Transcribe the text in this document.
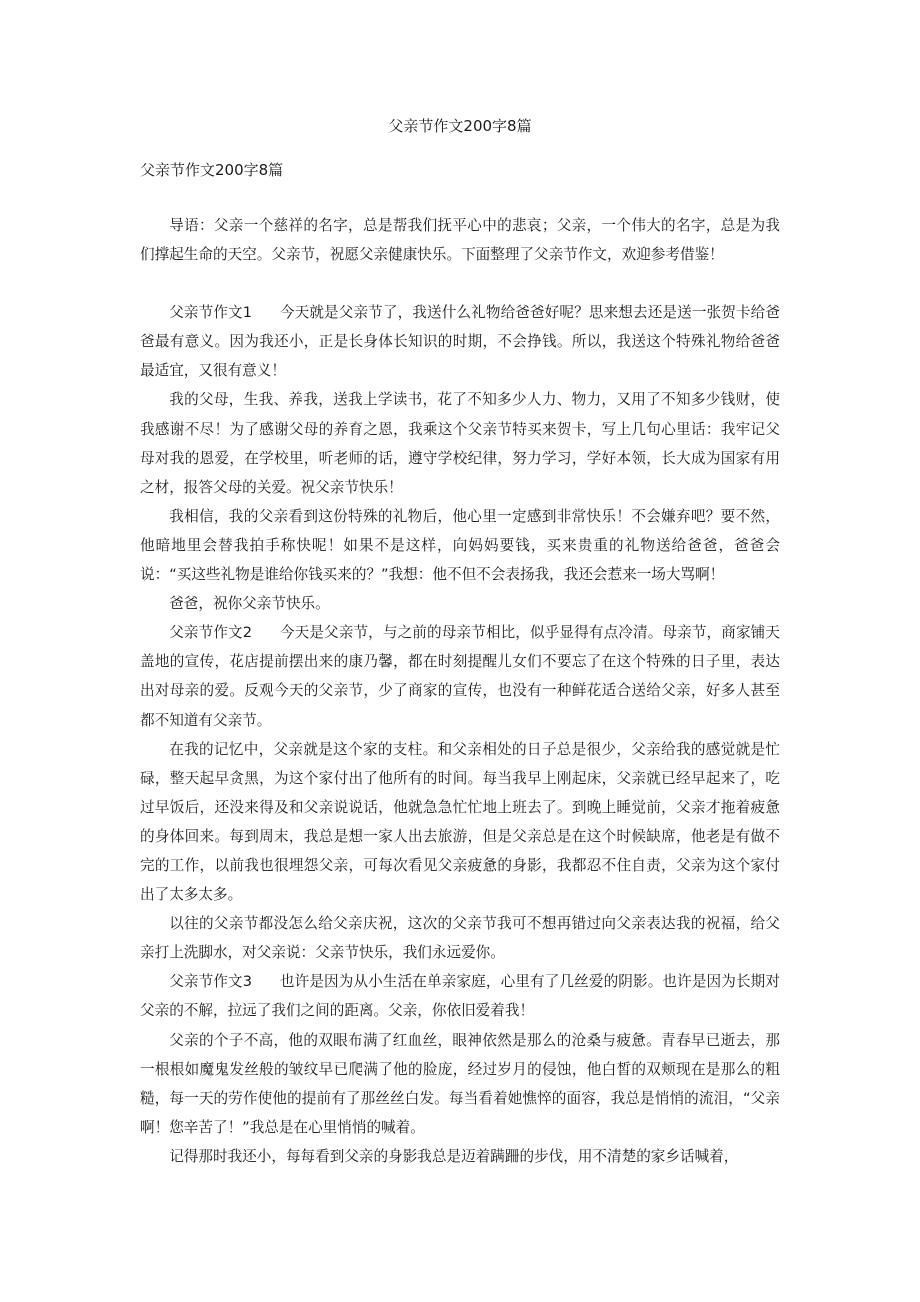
父亲节作文200字8篇
父亲节作文200字8篇

导语：父亲一个慈祥的名字，总是帮我们抚平心中的悲哀；父亲，一个伟大的名字，总是为我们撑起生命的天空。父亲节，祝愿父亲健康快乐。下面整理了父亲节作文，欢迎参考借鉴！

父亲节作文1 今天就是父亲节了，我送什么礼物给爸爸好呢？思来想去还是送一张贺卡给爸爸最有意义。因为我还小，正是长身体长知识的时期，不会挣钱。所以，我送这个特殊礼物给爸爸最适宜，又很有意义！

我的父母，生我、养我，送我上学读书，花了不知多少人力、物力，又用了不知多少钱财，使我感谢不尽！为了感谢父母的养育之恩，我乘这个父亲节特买来贺卡，写上几句心里话：我牢记父母对我的恩爱，在学校里，听老师的话，遵守学校纪律，努力学习，学好本领，长大成为国家有用之材，报答父母的关爱。祝父亲节快乐！

我相信，我的父亲看到这份特殊的礼物后，他心里一定感到非常快乐！不会嫌弃吧？要不然，他暗地里会替我拍手称快呢！如果不是这样，向妈妈要钱，买来贵重的礼物送给爸爸，爸爸会说：“买这些礼物是谁给你钱买来的？”我想：他不但不会表扬我，我还会惹来一场大骂啊！

爸爸，祝你父亲节快乐。

父亲节作文2 今天是父亲节，与之前的母亲节相比，似乎显得有点冷清。母亲节，商家铺天盖地的宣传，花店提前摆出来的康乃馨，都在时刻提醒儿女们不要忘了在这个特殊的日子里，表达出对母亲的爱。反观今天的父亲节，少了商家的宣传，也没有一种鲜花适合送给父亲，好多人甚至都不知道有父亲节。

在我的记忆中，父亲就是这个家的支柱。和父亲相处的日子总是很少，父亲给我的感觉就是忙碌，整天起早贪黑，为这个家付出了他所有的时间。每当我早上刚起床，父亲就已经早起来了，吃过早饭后，还没来得及和父亲说说话，他就急急忙忙地上班去了。到晚上睡觉前，父亲才拖着疲惫的身体回来。每到周末，我总是想一家人出去旅游，但是父亲总是在这个时候缺席，他老是有做不完的工作，以前我也很埋怨父亲，可每次看见父亲疲惫的身影，我都忍不住自责，父亲为这个家付出了太多太多。

以往的父亲节都没怎么给父亲庆祝，这次的父亲节我可不想再错过向父亲表达我的祝福，给父亲打上洗脚水，对父亲说：父亲节快乐，我们永远爱你。

父亲节作文3 也许是因为从小生活在单亲家庭，心里有了几丝爱的阴影。也许是因为长期对父亲的不解，拉远了我们之间的距离。父亲，你依旧爱着我！

父亲的个子不高，他的双眼布满了红血丝，眼神依然是那么的沧桑与疲惫。青春早已逝去，那一根根如魔鬼发丝般的皱纹早已爬满了他的脸庞，经过岁月的侵蚀，他白皙的双颊现在是那么的粗糙，每一天的劳作使他的提前有了那丝丝白发。每当看着她憔悴的面容，我总是悄悄的流泪，“父亲啊！您辛苦了！”我总是在心里悄悄的喊着。

记得那时我还小，每每看到父亲的身影我总是迈着蹒跚的步伐，用不清楚的家乡话喊着，
